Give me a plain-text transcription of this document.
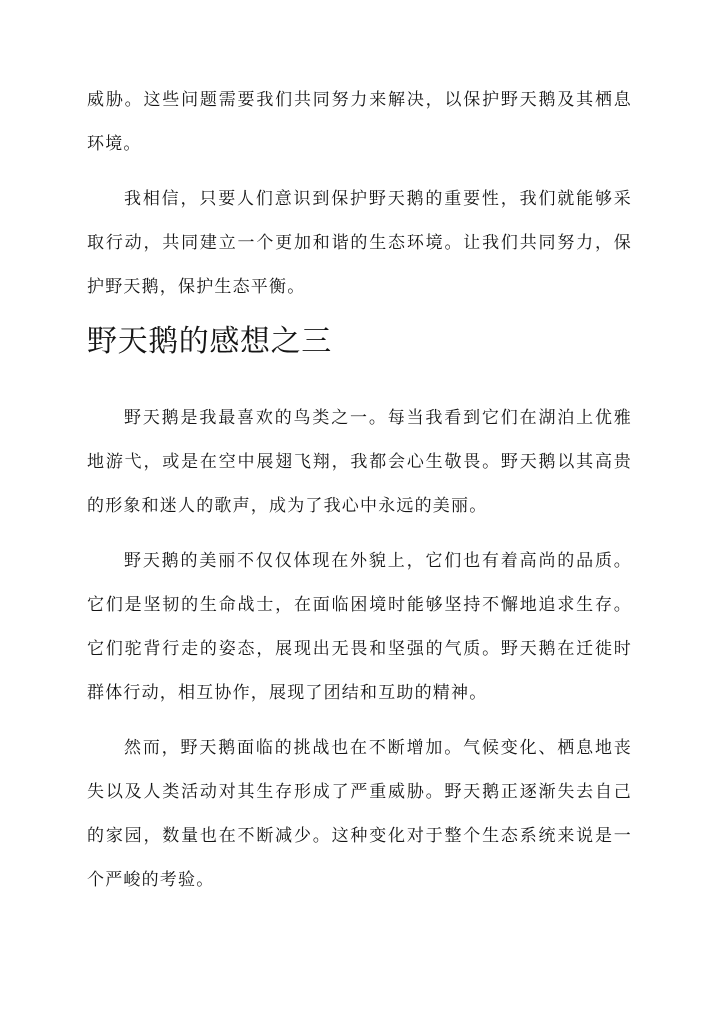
威胁。这些问题需要我们共同努力来解决，以保护野天鹅及其栖息
环境。
我相信，只要人们意识到保护野天鹅的重要性，我们就能够采
取行动，共同建立一个更加和谐的生态环境。让我们共同努力，保
护野天鹅，保护生态平衡。
野天鹅的感想之三
野天鹅是我最喜欢的鸟类之一。每当我看到它们在湖泊上优雅
地游弋，或是在空中展翅飞翔，我都会心生敬畏。野天鹅以其高贵
的形象和迷人的歌声，成为了我心中永远的美丽。
野天鹅的美丽不仅仅体现在外貌上，它们也有着高尚的品质。
它们是坚韧的生命战士，在面临困境时能够坚持不懈地追求生存。
它们驼背行走的姿态，展现出无畏和坚强的气质。野天鹅在迁徙时
群体行动，相互协作，展现了团结和互助的精神。
然而，野天鹅面临的挑战也在不断增加。气候变化、栖息地丧
失以及人类活动对其生存形成了严重威胁。野天鹅正逐渐失去自己
的家园，数量也在不断减少。这种变化对于整个生态系统来说是一
个严峻的考验。
